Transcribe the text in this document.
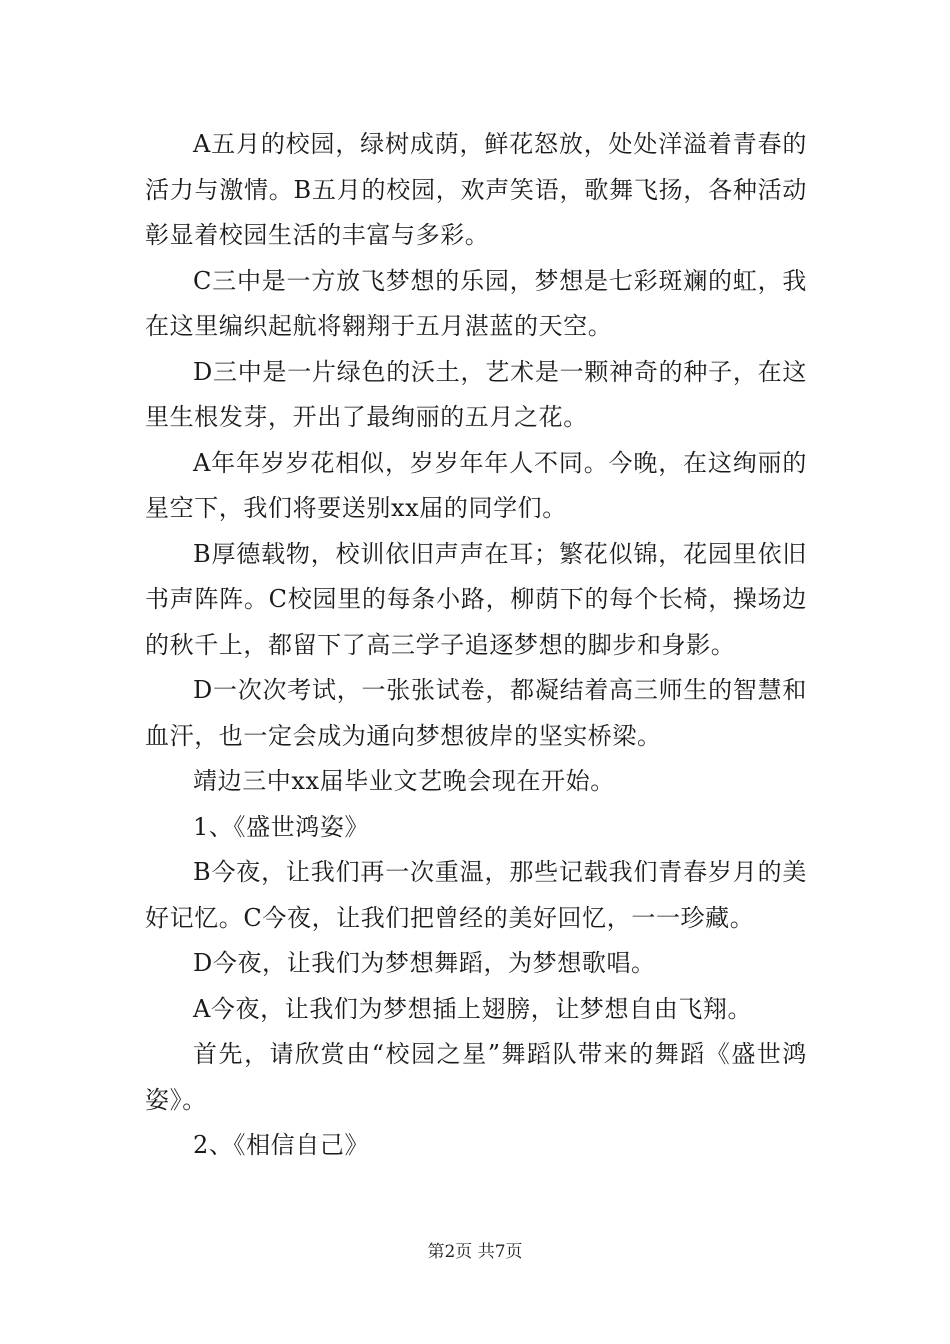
A五月的校园，绿树成荫，鲜花怒放，处处洋溢着青春的活力与激情。B五月的校园，欢声笑语，歌舞飞扬，各种活动彰显着校园生活的丰富与多彩。

C三中是一方放飞梦想的乐园，梦想是七彩斑斓的虹，我在这里编织起航将翱翔于五月湛蓝的天空。

D三中是一片绿色的沃土，艺术是一颗神奇的种子，在这里生根发芽，开出了最绚丽的五月之花。

A年年岁岁花相似，岁岁年年人不同。今晚，在这绚丽的星空下，我们将要送别xx届的同学们。

B厚德载物，校训依旧声声在耳；繁花似锦，花园里依旧书声阵阵。C校园里的每条小路，柳荫下的每个长椅，操场边的秋千上，都留下了高三学子追逐梦想的脚步和身影。

D一次次考试，一张张试卷，都凝结着高三师生的智慧和血汗，也一定会成为通向梦想彼岸的坚实桥梁。

靖边三中xx届毕业文艺晚会现在开始。

1、《盛世鸿姿》

B今夜，让我们再一次重温，那些记载我们青春岁月的美好记忆。C今夜，让我们把曾经的美好回忆，一一珍藏。

D今夜，让我们为梦想舞蹈，为梦想歌唱。

A今夜，让我们为梦想插上翅膀，让梦想自由飞翔。

首先，请欣赏由“校园之星”舞蹈队带来的舞蹈《盛世鸿姿》。

2、《相信自己》

第2页 共7页
